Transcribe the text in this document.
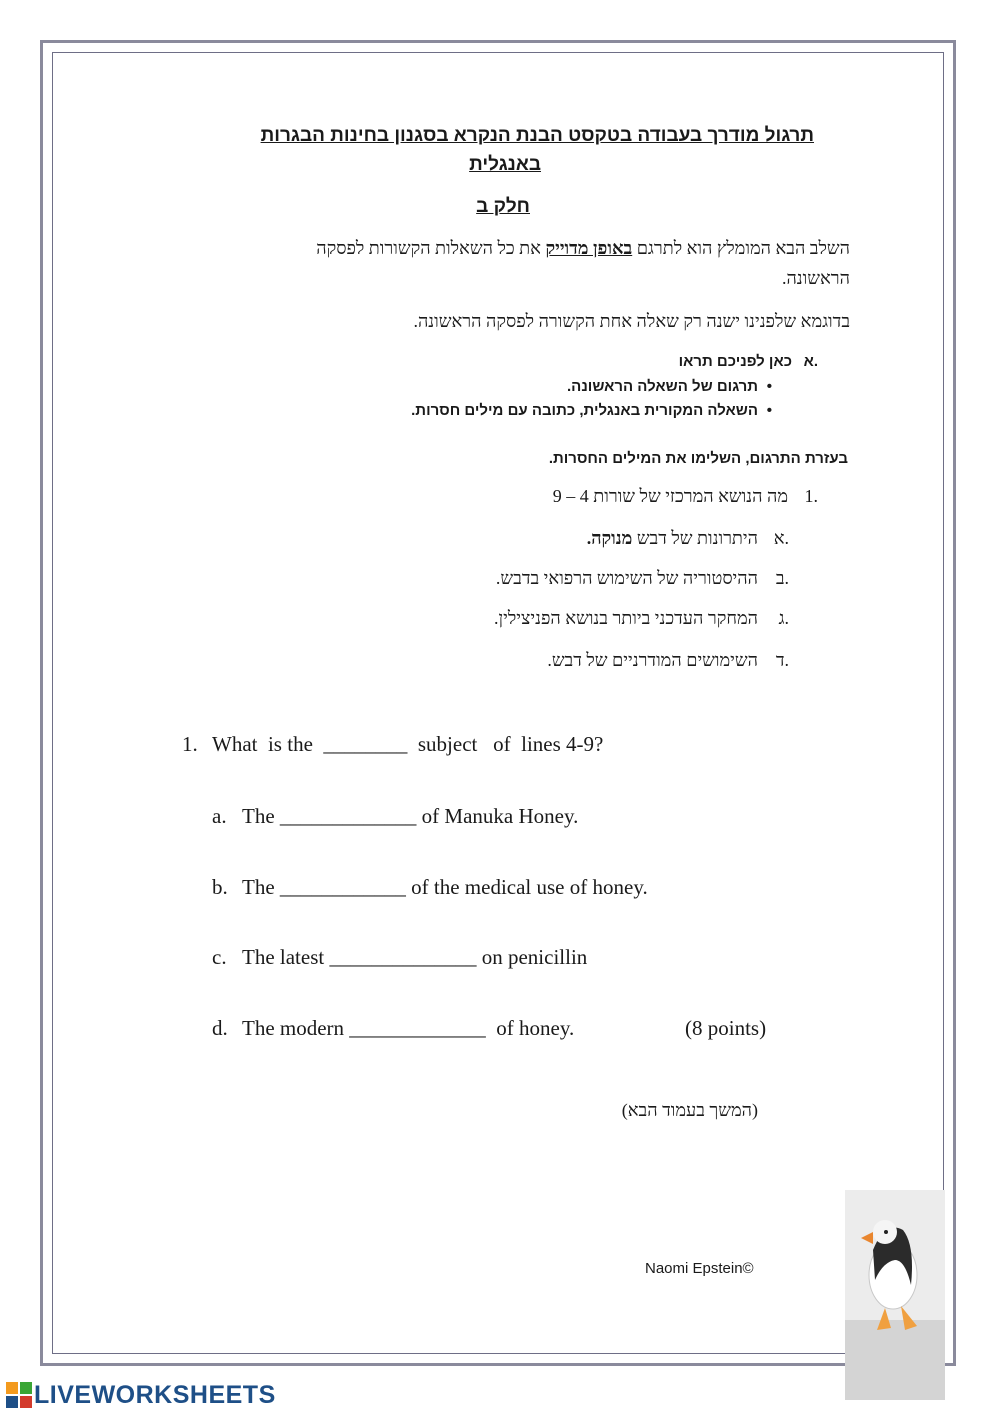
תרגול מודרך בעבודה בטקסט הבנת הנקרא בסגנון בחינות הבגרות
באנגלית
חלק ב
השלב הבא המומלץ הוא לתרגם באופן מדוייק את כל השאלות הקשורות לפסקה
הראשונה.
בדוגמא שלפנינו ישנה רק שאלה אחת הקשורה לפסקה הראשונה.
.א
כאן לפניכם תראו
•
תרגום של השאלה הראשונה.
•
השאלה המקורית באנגלית, כתובה עם מילים חסרות.
בעזרת התרגום, השלימו את המילים החסרות.
.1
מה הנושא המרכזי של שורות 4 – 9
.א
היתרונות של דבש מנוקה.
.ב
ההיסטוריה של השימוש הרפואי בדבש.
.ג
המחקר העדכני ביותר בנושא הפניצילין.
.ד
השימושים המודרניים של דבש.
1. What  is the  ________  subject   of  lines 4-9?
a. The _____________ of Manuka Honey.
b. The ____________ of the medical use of honey.
c. The latest ______________ on penicillin
d. The modern _____________  of honey.	(8 points)
(המשך בעמוד הבא)
Naomi Epstein©
LIVEWORKSHEETS
